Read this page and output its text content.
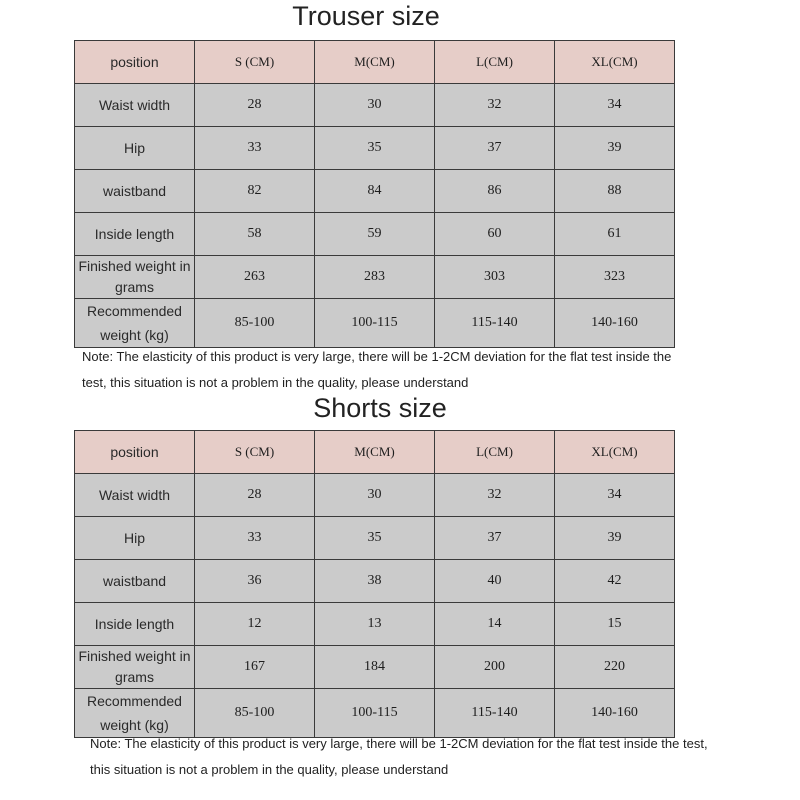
Trouser size
position	S (CM)	M(CM)	L(CM)	XL(CM)
Waist width	28	30	32	34
Hip	33	35	37	39
waistband	82	84	86	88
Inside length	58	59	60	61
Finished weight in grams	263	283	303	323
Recommended weight (kg)	85-100	100-115	115-140	140-160
Note: The elasticity of this product is very large, there will be 1-2CM deviation for the flat test inside the test, this situation is not a problem in the quality, please understand
Shorts size
position	S (CM)	M(CM)	L(CM)	XL(CM)
Waist width	28	30	32	34
Hip	33	35	37	39
waistband	36	38	40	42
Inside length	12	13	14	15
Finished weight in grams	167	184	200	220
Recommended weight (kg)	85-100	100-115	115-140	140-160
Note: The elasticity of this product is very large, there will be 1-2CM deviation for the flat test inside the test, this situation is not a problem in the quality, please understand
